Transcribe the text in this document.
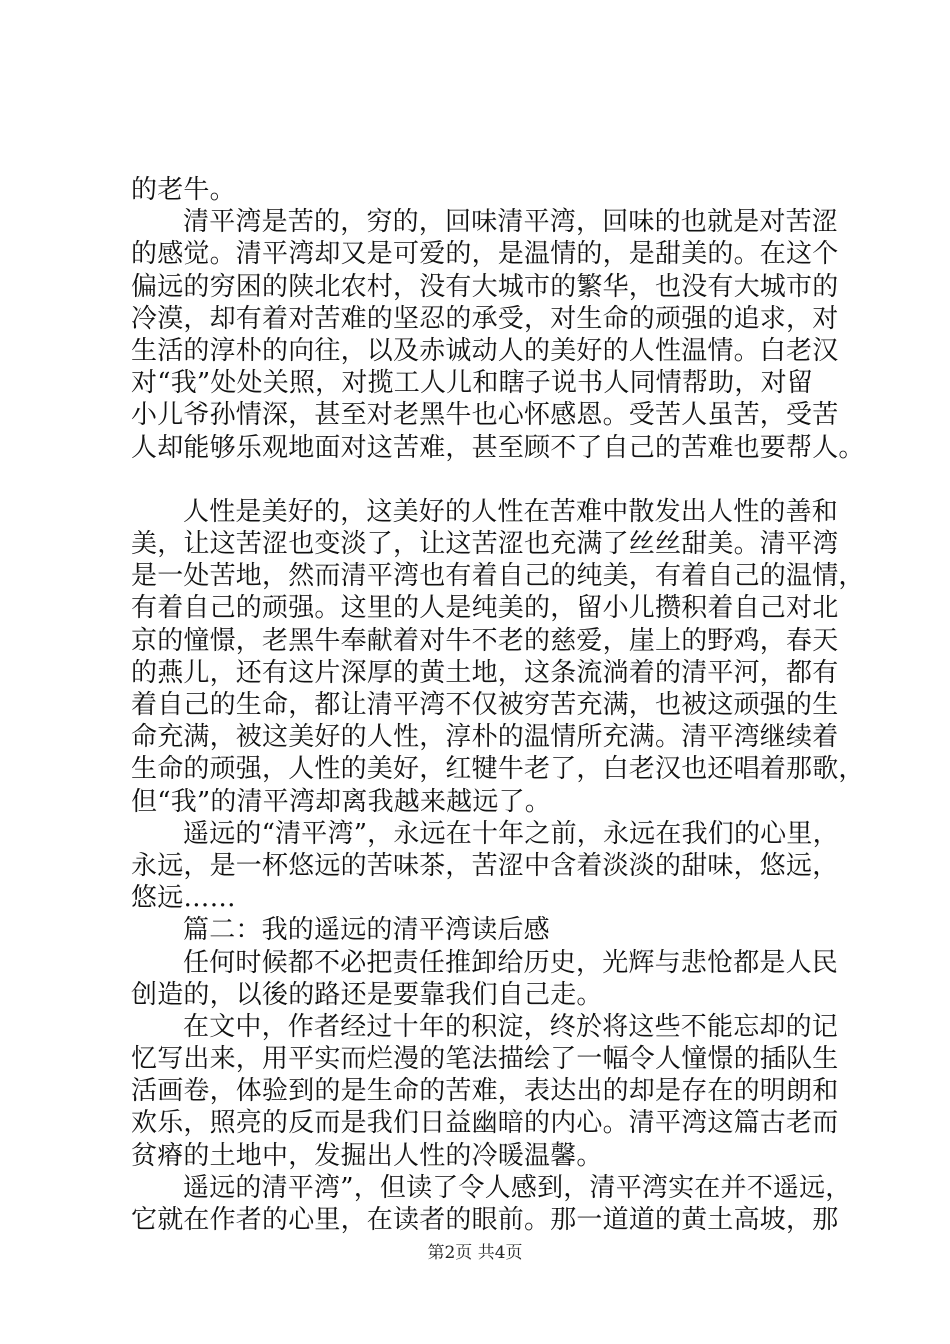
的老牛。
清平湾是苦的，穷的，回味清平湾，回味的也就是对苦涩
的感觉。清平湾却又是可爱的，是温情的，是甜美的。在这个
偏远的穷困的陕北农村，没有大城市的繁华，也没有大城市的
冷漠，却有着对苦难的坚忍的承受，对生命的顽强的追求，对
生活的淳朴的向往，以及赤诚动人的美好的人性温情。白老汉
对“我”处处关照，对揽工人儿和瞎子说书人同情帮助，对留
小儿爷孙情深，甚至对老黑牛也心怀感恩。受苦人虽苦，受苦
人却能够乐观地面对这苦难，甚至顾不了自己的苦难也要帮人。
人性是美好的，这美好的人性在苦难中散发出人性的善和
美，让这苦涩也变淡了，让这苦涩也充满了丝丝甜美。清平湾
是一处苦地，然而清平湾也有着自己的纯美，有着自己的温情，
有着自己的顽强。这里的人是纯美的，留小儿攒积着自己对北
京的憧憬，老黑牛奉献着对牛不老的慈爱，崖上的野鸡，春天
的燕儿，还有这片深厚的黄土地，这条流淌着的清平河，都有
着自己的生命，都让清平湾不仅被穷苦充满，也被这顽强的生
命充满，被这美好的人性，淳朴的温情所充满。清平湾继续着
生命的顽强，人性的美好，红犍牛老了，白老汉也还唱着那歌，
但“我”的清平湾却离我越来越远了。
遥远的“清平湾”，永远在十年之前，永远在我们的心里，
永远，是一杯悠远的苦味茶，苦涩中含着淡淡的甜味，悠远，
悠远……
篇二：我的遥远的清平湾读后感
任何时候都不必把责任推卸给历史，光辉与悲怆都是人民
创造的，以後的路还是要靠我们自己走。
在文中，作者经过十年的积淀，终於将这些不能忘却的记
忆写出来，用平实而烂漫的笔法描绘了一幅令人憧憬的插队生
活画卷，体验到的是生命的苦难，表达出的却是存在的明朗和
欢乐，照亮的反而是我们日益幽暗的内心。清平湾这篇古老而
贫瘠的土地中，发掘出人性的冷暖温馨。
遥远的清平湾”，但读了令人感到，清平湾实在并不遥远，
它就在作者的心里，在读者的眼前。那一道道的黄土高坡，那
第2页 共4页
